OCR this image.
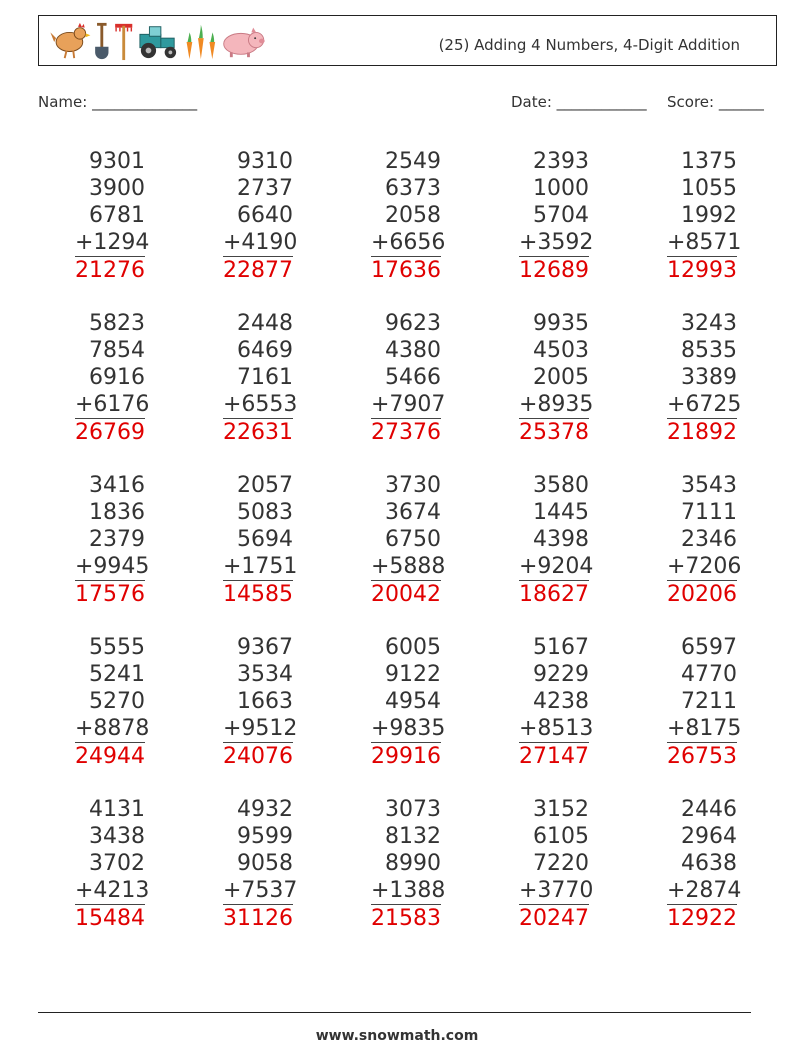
(25) Adding 4 Numbers, 4-Digit Addition
Name: ______________	Date: ____________ Score: ______
9301
3900
6781
+1294
21276
9310
2737
6640
+4190
22877
2549
6373
2058
+6656
17636
2393
1000
5704
+3592
12689
1375
1055
1992
+8571
12993
5823
7854
6916
+6176
26769
2448
6469
7161
+6553
22631
9623
4380
5466
+7907
27376
9935
4503
2005
+8935
25378
3243
8535
3389
+6725
21892
3416
1836
2379
+9945
17576
2057
5083
5694
+1751
14585
3730
3674
6750
+5888
20042
3580
1445
4398
+9204
18627
3543
7111
2346
+7206
20206
5555
5241
5270
+8878
24944
9367
3534
1663
+9512
24076
6005
9122
4954
+9835
29916
5167
9229
4238
+8513
27147
6597
4770
7211
+8175
26753
4131
3438
3702
+4213
15484
4932
9599
9058
+7537
31126
3073
8132
8990
+1388
21583
3152
6105
7220
+3770
20247
2446
2964
4638
+2874
12922
www.snowmath.com
